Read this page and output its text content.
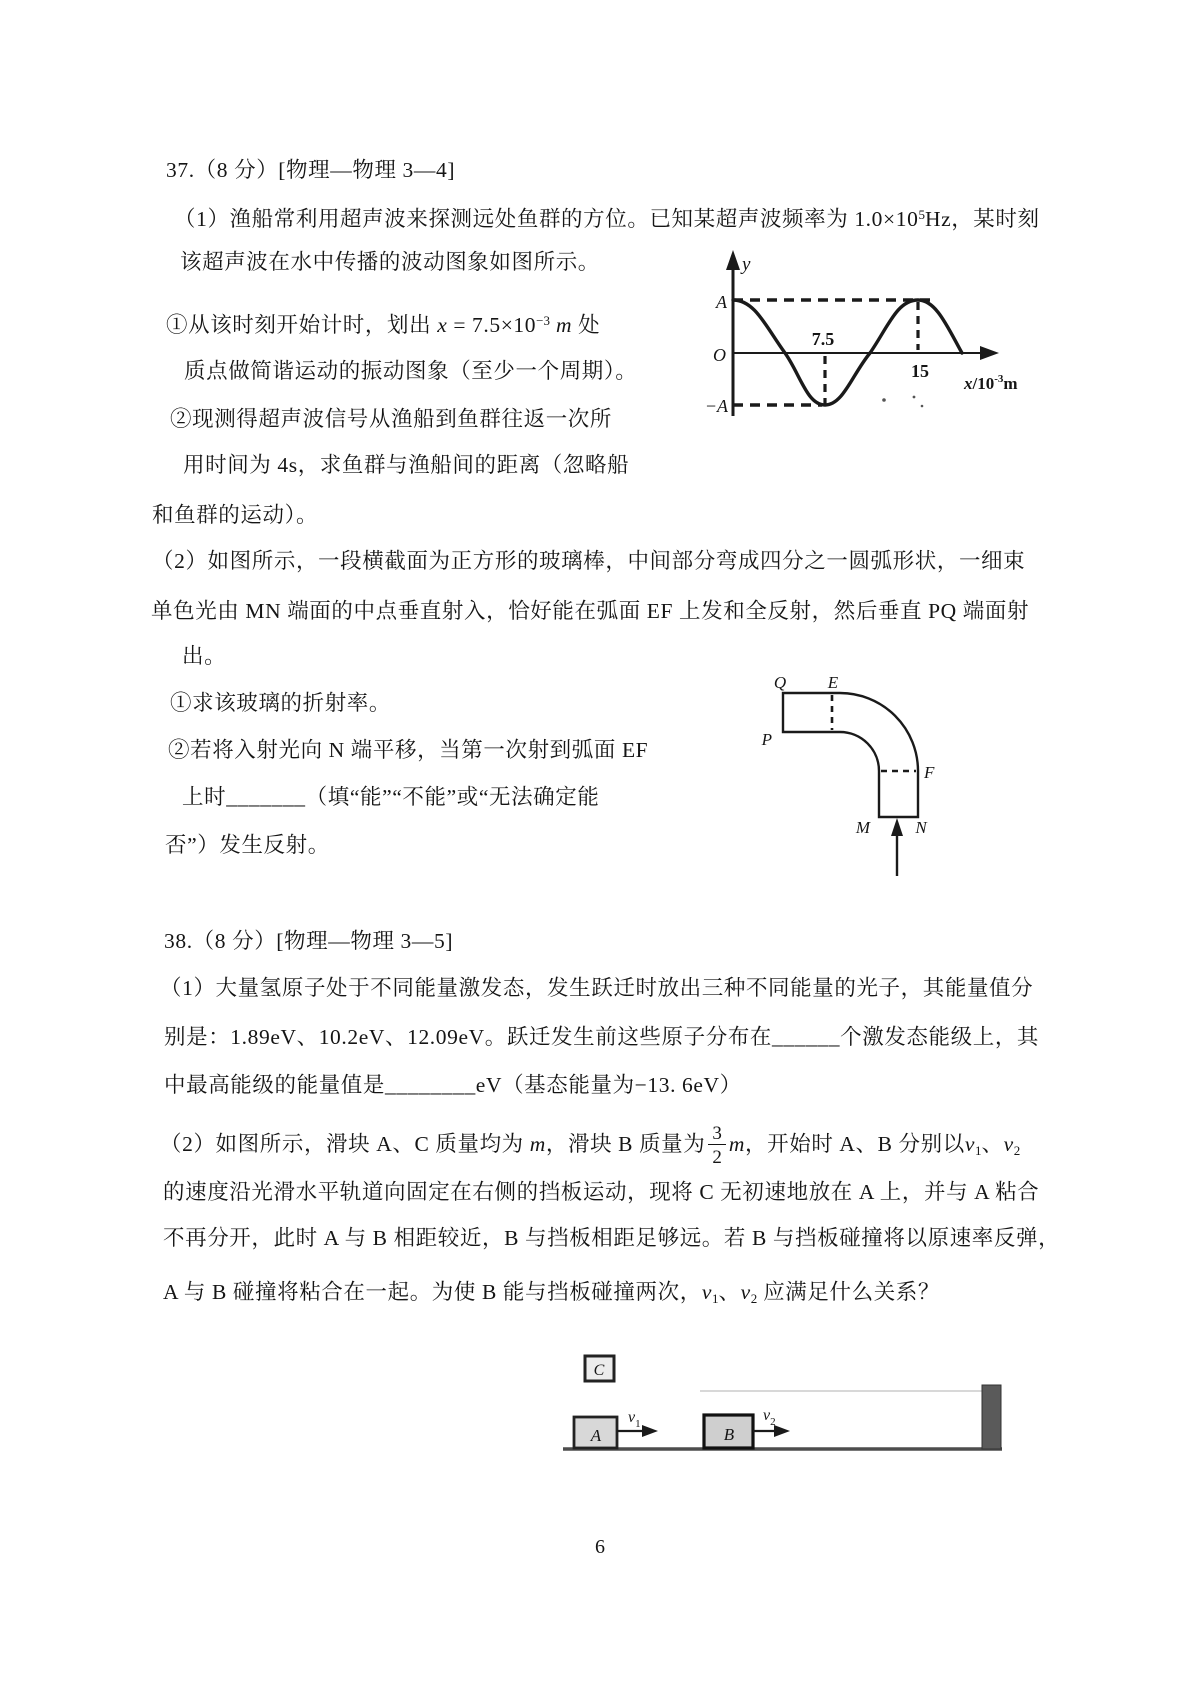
37.（8 分）[物理—物理 3—4]
（1）渔船常利用超声波来探测远处鱼群的方位。已知某超声波频率为 $1.0\times 10^5Hz$，某时刻
该超声波在水中传播的波动图象如图所示。
①从该时刻开始计时，划出 $x = 7.5\times 10^{-3}$ m 处
质点做简谐运动的振动图象（至少一个周期）。
②现测得超声波信号从渔船到鱼群往返一次所
用时间为 4s，求鱼群与渔船间的距离（忽略船
和鱼群的运动）。
（2）如图所示，一段横截面为正方形的玻璃棒，中间部分弯成四分之一圆弧形状，一细束
单色光由 MN 端面的中点垂直射入，恰好能在弧面 EF 上发和全反射，然后垂直 PQ 端面射
出。
①求该玻璃的折射率。
②若将入射光向 N 端平移，当第一次射到弧面 EF
上时_______（填“能”“不能”或“无法确定能
否”）发生反射。
38.（8 分）[物理—物理 3—5]
（1）大量氢原子处于不同能量激发态，发生跃迁时放出三种不同能量的光子，其能量值分
别是：1.89eV、10.2eV、12.09eV。跃迁发生前这些原子分布在______个激发态能级上，其
中最高能级的能量值是________eV（基态能量为−13. 6eV）
（2）如图所示，滑块 A、C 质量均为 m，滑块 B 质量为 $\frac{3}{2}$ m，开始时 A、B 分别以$v_1$、$v_2$
的速度沿光滑水平轨道向固定在右侧的挡板运动，现将 C 无初速地放在 A 上，并与 A 粘合
不再分开，此时 A 与 B 相距较近，B 与挡板相距足够远。若 B 与挡板碰撞将以原速率反弹，
A 与 B 碰撞将粘合在一起。为使 B 能与挡板碰撞两次，$v_1$、$v_2$ 应满足什么关系？
y
A
O
−A
7.5
15
$x/10^{-3}m$
Q E
P
F
M	N
C
A	B
$v_1$	$v_2$
6
